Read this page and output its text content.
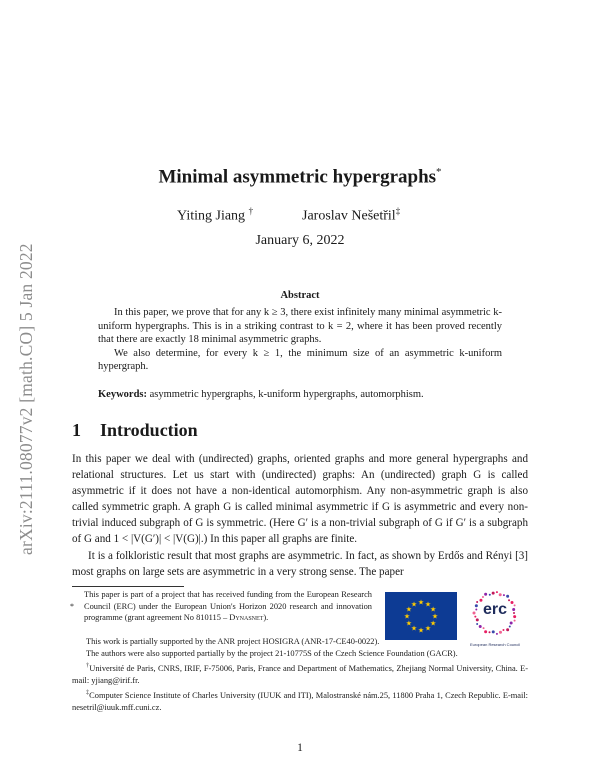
arXiv:2111.08077v2 [math.CO] 5 Jan 2022
Minimal asymmetric hypergraphs*
Yiting Jiang †	Jaroslav Nešetřil‡
January 6, 2022
Abstract

In this paper, we prove that for any k ≥ 3, there exist infinitely many minimal asymmetric k-uniform hypergraphs. This is in a striking contrast to k = 2, where it has been proved recently that there are exactly 18 minimal asymmetric graphs.

We also determine, for every k ≥ 1, the minimum size of an asymmetric k-uniform hypergraph.

Keywords: asymmetric hypergraphs, k-uniform hypergraphs, automorphism.
1 Introduction

In this paper we deal with (undirected) graphs, oriented graphs and more general hypergraphs and relational structures. Let us start with (undirected) graphs: An (undirected) graph G is called asymmetric if it does not have a non-identical automorphism. Any non-asymmetric graph is also called symmetric graph. A graph G is called minimal asymmetric if G is asymmetric and every non-trivial induced subgraph of G is symmetric. (Here G′ is a non-trivial subgraph of G if G′ is a subgraph of G and 1 < |V(G′)| < |V(G)|.) In this paper all graphs are finite.

It is a folkloristic result that most graphs are asymmetric. In fact, as shown by Erdős and Rényi [3] most graphs on large sets are asymmetric in a very strong sense. The paper

*
This paper is part of a project that has received funding from the European Research Council (ERC) under the European Union's Horizon 2020 research and innovation programme (grant agreement No 810115 – Dynasnet).
★ ★
★
★
★
★
★
★
★
★
★
★	erc
European Research Council

This work is partially supported by the ANR project HOSIGRA (ANR-17-CE40-0022).

The authors were also supported partially by the project 21-10775S of the Czech Science Foundation (GACR).

†Université de Paris, CNRS, IRIF, F-75006, Paris, France and Department of Mathematics, Zhejiang Normal University, China. E-mail: yjiang@irif.fr.

‡Computer Science Institute of Charles University (IUUK and ITI), Malostranské nám.25, 11800 Praha 1, Czech Republic. E-mail: nesetril@iuuk.mff.cuni.cz.

1
